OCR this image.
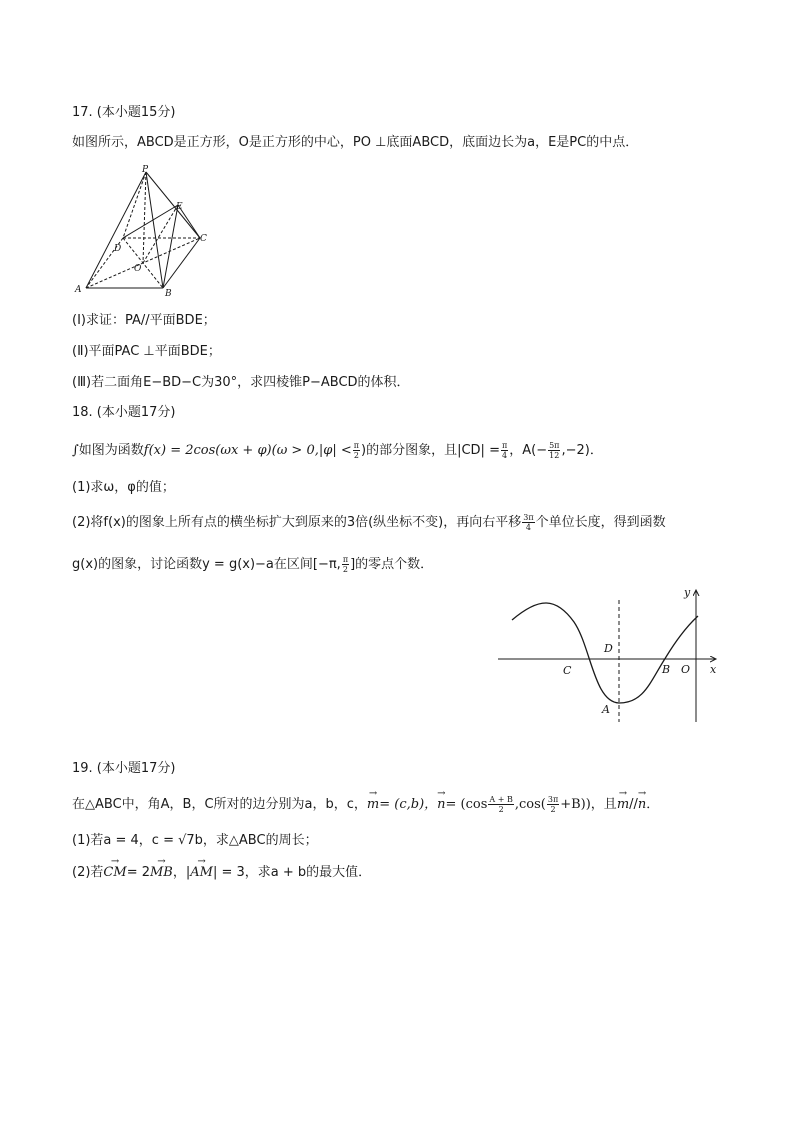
17. (本小题15分)
如图所示，ABCD是正方形，O是正方形的中心，PO ⊥底面ABCD，底面边长为a，E是PC的中点．
P
E
C
D
O
A	B
(Ⅰ)求证：PA//平面BDE；
(Ⅱ)平面PAC ⊥平面BDE；
(Ⅲ)若二面角E−BD−C为30°，求四棱锥P−ABCD的体积．
18. (本小题17分)
∫如图为函数$f(x) = 2\cos(\omega x + \varphi)(\omega > 0,|\varphi| < \frac{\pi}{2}$ )的部分图象，且$|CD| = \frac{\pi}{4}$ ，$A(- \frac{5\pi}{12} ,-2)$．
(1)求ω，φ的值；
(2)将f(x)的图象上所有点的横坐标扩大到原来的3倍(纵坐标不变)，再向右平移 $\frac{3\pi}{4}$ 个单位长度，得到函数
g(x)的图象，讨论函数y = g(x)−a在区间[−π, $\frac{\pi}{2}$ ]的零点个数．
y
x
D
C	B O
A
19. (本小题17分)
在△ABC中，角A，B，C所对的边分别为a，b，c，→ m= (c,b)，→ $n= (\cos \frac{A + B}{2} ,\cos( \frac{3\pi}{2} +B))$，且→ m//→ n．
(1)若a = 4，c = √7b，求△ABC的周长；
(2)若→ CM= 2→ MB，|→ AM| = 3，求a + b的最大值．
